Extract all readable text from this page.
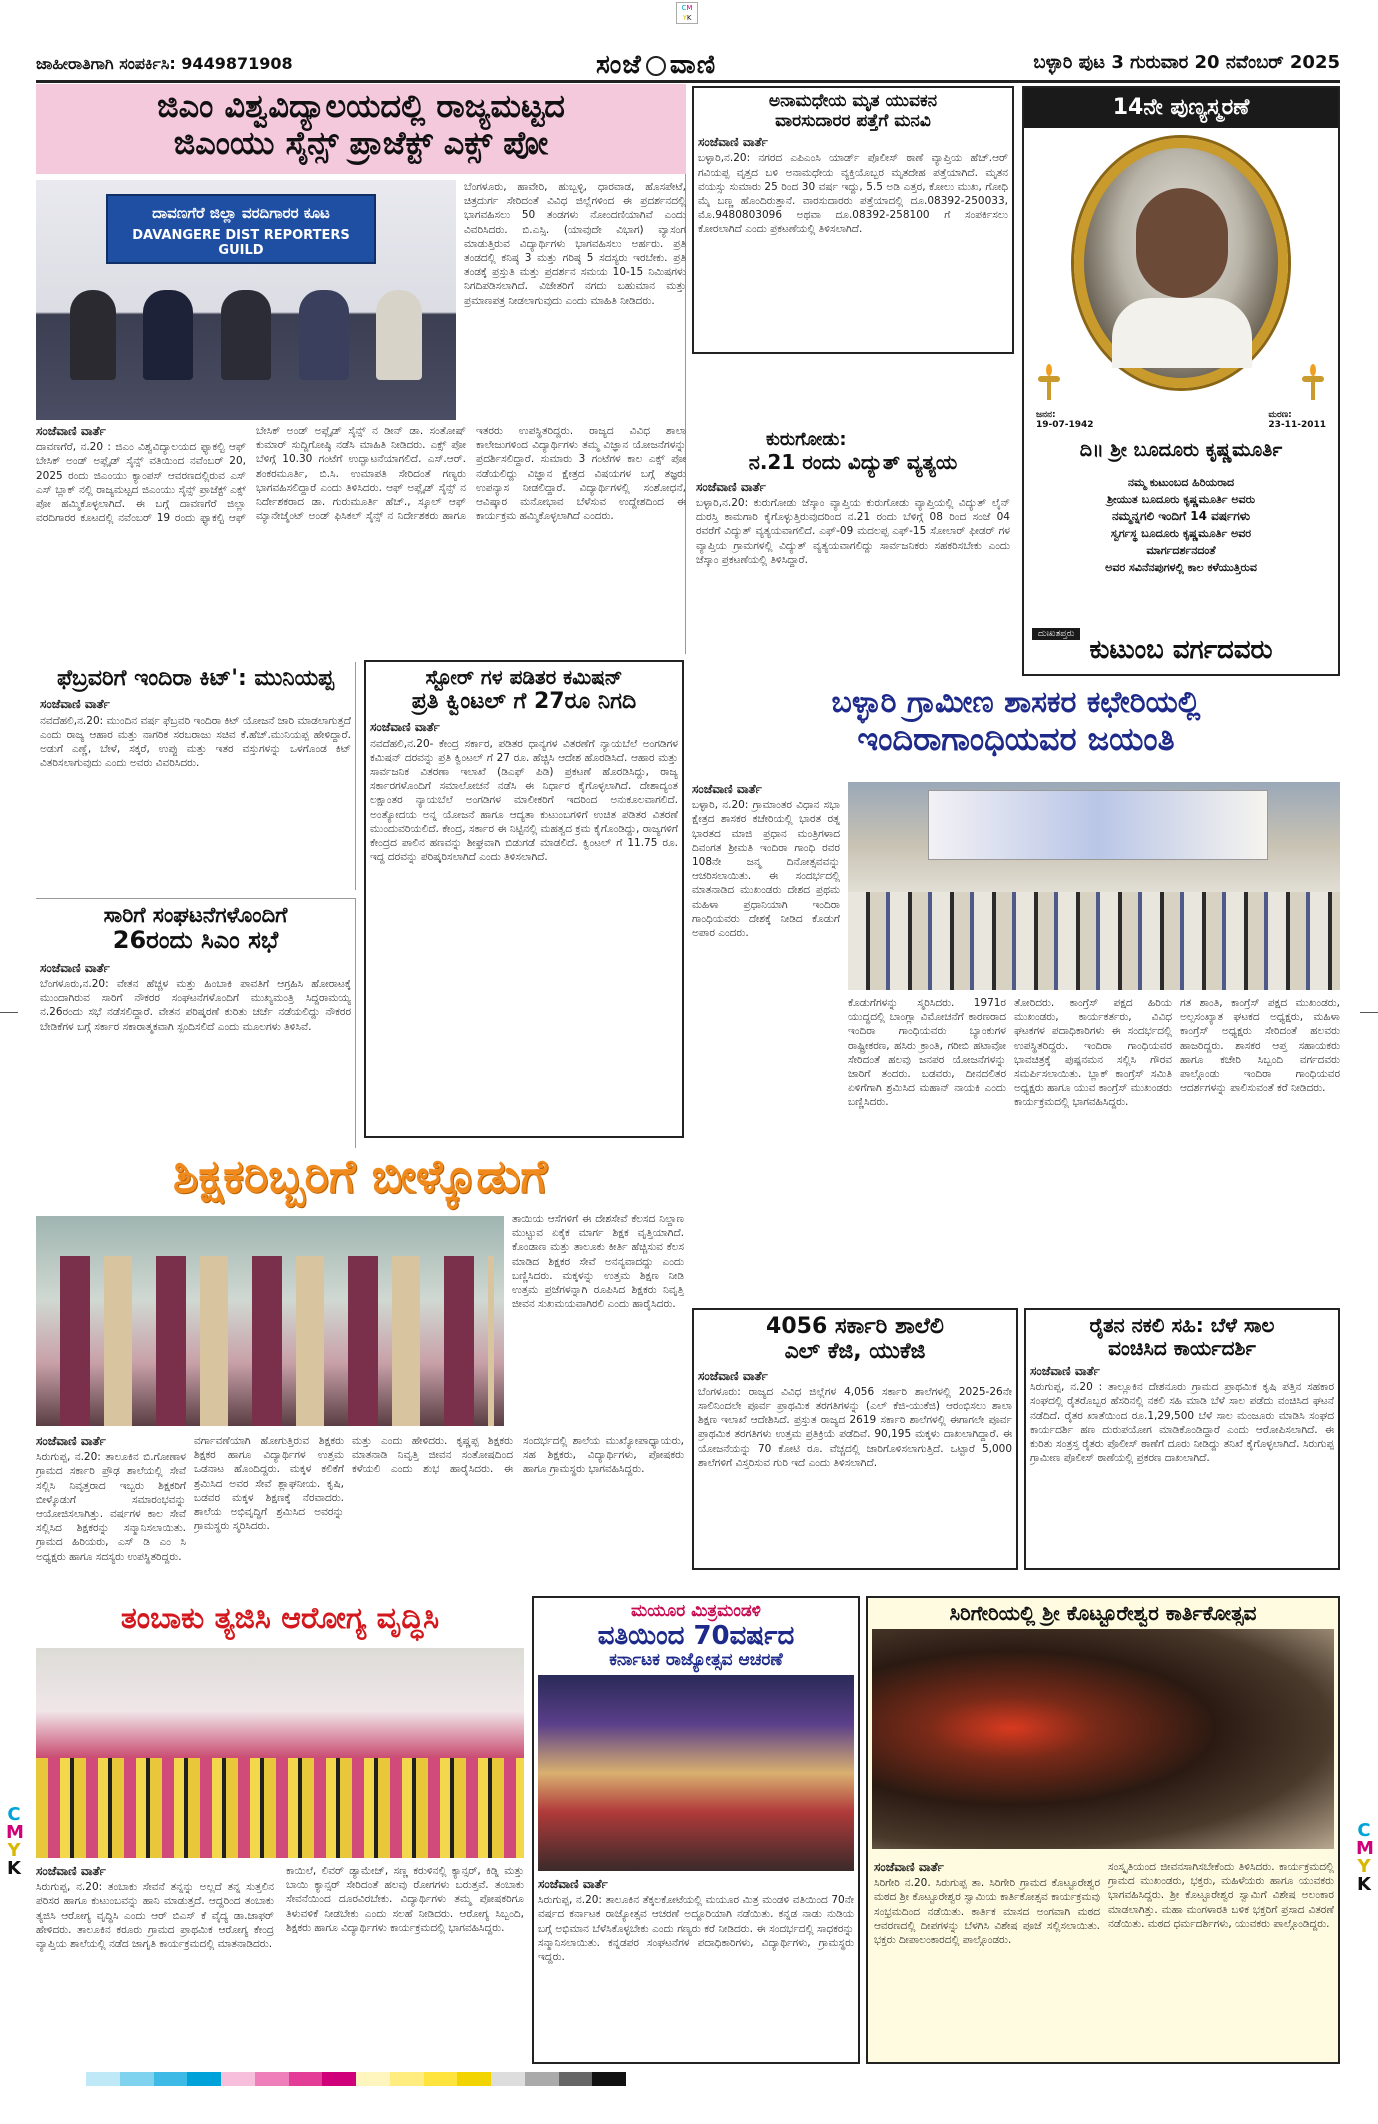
CM
YK
C
M
Y
K
C
M
Y
K
ಜಾಹೀರಾತಿಗಾಗಿ ಸಂಪರ್ಕಿಸಿ: 9449871908	ಸಂಜೆ ವಾಣಿ	ಬಳ್ಳಾರಿ ಪುಟ 3 ಗುರುವಾರ 20 ನವೆಂಬರ್ 2025
ಜಿಎಂ ವಿಶ್ವವಿದ್ಯಾಲಯದಲ್ಲಿ ರಾಜ್ಯಮಟ್ಟದ
ಜಿಎಂಯು ಸೈನ್ಸ್ ಪ್ರಾಜೆಕ್ಟ್ ಎಕ್ಸ್ ಪೋ
ದಾವಣಗೆರೆ ಜಿಲ್ಲಾ ವರದಿಗಾರರ ಕೂಟ
DAVANGERE DIST REPORTERS GUILD
ಬೆಂಗಳೂರು, ಹಾವೇರಿ, ಹುಬ್ಬಳ್ಳಿ, ಧಾರವಾಡ, ಹೊಸಪೇಟೆ, ಚಿತ್ರದುರ್ಗ ಸೇರಿದಂತೆ ವಿವಿಧ ಜಿಲ್ಲೆಗಳಿಂದ ಈ ಪ್ರದರ್ಶನದಲ್ಲಿ ಭಾಗವಹಿಸಲು 50 ತಂಡಗಳು ನೋಂದಣಿಯಾಗಿವೆ ಎಂದು ವಿವರಿಸಿದರು. ಬಿ.ಎಸ್ಸಿ. (ಯಾವುದೇ ವಿಭಾಗ) ವ್ಯಾಸಂಗ ಮಾಡುತ್ತಿರುವ ವಿದ್ಯಾರ್ಥಿಗಳು ಭಾಗವಹಿಸಲು ಅರ್ಹರು. ಪ್ರತಿ ತಂಡದಲ್ಲಿ ಕನಿಷ್ಠ 3 ಮತ್ತು ಗರಿಷ್ಠ 5 ಸದಸ್ಯರು ಇರಬೇಕು. ಪ್ರತಿ ತಂಡಕ್ಕೆ ಪ್ರಸ್ತುತಿ ಮತ್ತು ಪ್ರದರ್ಶನ ಸಮಯ 10-15 ನಿಮಿಷಗಳು ನಿಗದಿಪಡಿಸಲಾಗಿದೆ. ವಿಜೇತರಿಗೆ ನಗದು ಬಹುಮಾನ ಮತ್ತು ಪ್ರಮಾಣಪತ್ರ ನೀಡಲಾಗುವುದು ಎಂದು ಮಾಹಿತಿ ನೀಡಿದರು.
ಸಂಜೆವಾಣಿ ವಾರ್ತೆ
ದಾವಣಗೆರೆ, ನ.20 : ಜಿಎಂ ವಿಶ್ವವಿದ್ಯಾಲಯದ ಫ್ಯಾಕಲ್ಟಿ ಆಫ್ ಬೇಸಿಕ್ ಅಂಡ್ ಅಪ್ಲೈಡ್ ಸೈನ್ಸ್ ವತಿಯಿಂದ ನವೆಂಬರ್ 20, 2025 ರಂದು ಜಿಎಂಯು ಕ್ಯಾಂಪಸ್ ಆವರಣದಲ್ಲಿರುವ ಎಸ್ ಎಸ್ ಬ್ಲಾಕ್ ನಲ್ಲಿ ರಾಜ್ಯಮಟ್ಟದ ಜಿಎಂಯು ಸೈನ್ಸ್ ಪ್ರಾಜೆಕ್ಟ್ ಎಕ್ಸ್ ಪೋ ಹಮ್ಮಿಕೊಳ್ಳಲಾಗಿದೆ. ಈ ಬಗ್ಗೆ ದಾವಣಗೆರೆ ಜಿಲ್ಲಾ ವರದಿಗಾರರ ಕೂಟದಲ್ಲಿ ನವೆಂಬರ್ 19 ರಂದು ಫ್ಯಾಕಲ್ಟಿ ಆಫ್ ಬೇಸಿಕ್ ಅಂಡ್ ಅಪ್ಲೈಡ್ ಸೈನ್ಸ್ ನ ಡೀನ್ ಡಾ. ಸಂತೋಷ್ ಕುಮಾರ್ ಸುದ್ದಿಗೋಷ್ಠಿ ನಡೆಸಿ ಮಾಹಿತಿ ನೀಡಿದರು. ಎಕ್ಸ್ ಪೋ ಬೆಳಿಗ್ಗೆ 10.30 ಗಂಟೆಗೆ ಉದ್ಘಾಟನೆಯಾಗಲಿದೆ. ಎಸ್.ಆರ್. ಶಂಕರಮೂರ್ತಿ, ಬಿ.ಸಿ. ಉಮಾಪತಿ ಸೇರಿದಂತೆ ಗಣ್ಯರು ಭಾಗವಹಿಸಲಿದ್ದಾರೆ ಎಂದು ತಿಳಿಸಿದರು. ಆಫ್ ಅಪ್ಲೈಡ್ ಸೈನ್ಸ್ ನ ನಿರ್ದೇಶಕರಾದ ಡಾ. ಗುರುಮೂರ್ತಿ ಹೆಚ್., ಸ್ಕೂಲ್ ಆಫ್ ಮ್ಯಾನೇಜ್ಮೆಂಟ್ ಅಂಡ್ ಫಿಸಿಕಲ್ ಸೈನ್ಸ್ ನ ನಿರ್ದೇಶಕರು ಹಾಗೂ ಇತರರು ಉಪಸ್ಥಿತರಿದ್ದರು. ರಾಜ್ಯದ ವಿವಿಧ ಶಾಲಾ ಕಾಲೇಜುಗಳಿಂದ ವಿದ್ಯಾರ್ಥಿಗಳು ತಮ್ಮ ವಿಜ್ಞಾನ ಯೋಜನೆಗಳನ್ನು ಪ್ರದರ್ಶಿಸಲಿದ್ದಾರೆ. ಸುಮಾರು 3 ಗಂಟೆಗಳ ಕಾಲ ಎಕ್ಸ್ ಪೋ ನಡೆಯಲಿದ್ದು ವಿಜ್ಞಾನ ಕ್ಷೇತ್ರದ ವಿಷಯಗಳ ಬಗ್ಗೆ ತಜ್ಞರು ಉಪನ್ಯಾಸ ನೀಡಲಿದ್ದಾರೆ. ವಿದ್ಯಾರ್ಥಿಗಳಲ್ಲಿ ಸಂಶೋಧನೆ, ಆವಿಷ್ಕಾರ ಮನೋಭಾವ ಬೆಳೆಸುವ ಉದ್ದೇಶದಿಂದ ಈ ಕಾರ್ಯಕ್ರಮ ಹಮ್ಮಿಕೊಳ್ಳಲಾಗಿದೆ ಎಂದರು.
ಅನಾಮಧೇಯ ಮೃತ ಯುವಕನ
ವಾರಸುದಾರರ ಪತ್ತೆಗೆ ಮನವಿ
ಸಂಜೆವಾಣಿ ವಾರ್ತೆ
ಬಳ್ಳಾರಿ,ನ.20: ನಗರದ ಎಪಿಎಂಸಿ ಯಾರ್ಡ್ ಪೊಲೀಸ್ ಠಾಣೆ ವ್ಯಾಪ್ತಿಯ ಹೆಚ್.ಆರ್ ಗವಿಯಪ್ಪ ವೃತ್ತದ ಬಳಿ ಅನಾಮಧೇಯ ವ್ಯಕ್ತಿಯೊಬ್ಬರ ಮೃತದೇಹ ಪತ್ತೆಯಾಗಿದೆ. ಮೃತನ ವಯಸ್ಸು ಸುಮಾರು 25 ರಿಂದ 30 ವರ್ಷ ಇದ್ದು, 5.5 ಅಡಿ ಎತ್ತರ, ಕೋಲು ಮುಖ, ಗೋಧಿ ಮೈ ಬಣ್ಣ ಹೊಂದಿರುತ್ತಾನೆ. ವಾರಸುದಾರರು ಪತ್ತೆಯಾದಲ್ಲಿ ದೂ.08392-250033, ಮೊ.9480803096 ಅಥವಾ ದೂ.08392-258100 ಗೆ ಸಂಪರ್ಕಿಸಲು ಕೋರಲಾಗಿದೆ ಎಂದು ಪ್ರಕಟಣೆಯಲ್ಲಿ ತಿಳಿಸಲಾಗಿದೆ.
ಕುರುಗೋಡು:
ನ.21 ರಂದು ವಿದ್ಯುತ್ ವ್ಯತ್ಯಯ
ಸಂಜೆವಾಣಿ ವಾರ್ತೆ
ಬಳ್ಳಾರಿ,ನ.20: ಕುರುಗೋಡು ಜೆಸ್ಕಾಂ ವ್ಯಾಪ್ತಿಯ ಕುರುಗೋಡು ವ್ಯಾಪ್ತಿಯಲ್ಲಿ ವಿದ್ಯುತ್ ಲೈನ್ ದುರಸ್ತಿ ಕಾಮಗಾರಿ ಕೈಗೊಳ್ಳುತ್ತಿರುವುದರಿಂದ ನ.21 ರಂದು ಬೆಳಿಗ್ಗೆ 08 ರಿಂದ ಸಂಜೆ 04 ರವರೆಗೆ ವಿದ್ಯುತ್ ವ್ಯತ್ಯಯವಾಗಲಿದೆ. ಎಫ್-09 ಮದಲಪ್ಪ ಎಫ್-15 ಸೋಲಾರ್ ಫೀಡರ್ ಗಳ ವ್ಯಾಪ್ತಿಯ ಗ್ರಾಮಗಳಲ್ಲಿ ವಿದ್ಯುತ್ ವ್ಯತ್ಯಯವಾಗಲಿದ್ದು ಸಾರ್ವಜನಿಕರು ಸಹಕರಿಸಬೇಕು ಎಂದು ಜೆಸ್ಕಾಂ ಪ್ರಕಟಣೆಯಲ್ಲಿ ತಿಳಿಸಿದ್ದಾರೆ.
14ನೇ ಪುಣ್ಯಸ್ಮರಣೆ
ಜನನ:
19-07-1942
ಮರಣ:
23-11-2011
ದಿ॥ ಶ್ರೀ ಬೂದೂರು ಕೃಷ್ಣಮೂರ್ತಿ
ನಮ್ಮ ಕುಟುಂಬದ ಹಿರಿಯರಾದ
ಶ್ರೀಯುತ ಬೂದೂರು ಕೃಷ್ಣಮೂರ್ತಿ ಅವರು
ನಮ್ಮನ್ನಗಲಿ ಇಂದಿಗೆ 14 ವರ್ಷಗಳು
ಸ್ವರ್ಗಸ್ಥ ಬೂದೂರು ಕೃಷ್ಣಮೂರ್ತಿ ಅವರ
ಮಾರ್ಗದರ್ಶನದಂತೆ
ಅವರ ಸವಿನೆನಪುಗಳಲ್ಲಿ ಕಾಲ ಕಳೆಯುತ್ತಿರುವ
ದುಃಖತಪ್ತರು
ಕುಟುಂಬ ವರ್ಗದವರು
ಫೆಬ್ರವರಿಗೆ ಇಂದಿರಾ ಕಿಟ್': ಮುನಿಯಪ್ಪ
ಸಂಜೆವಾಣಿ ವಾರ್ತೆ
ನವದೆಹಲಿ,ನ.20: ಮುಂದಿನ ವರ್ಷ ಫೆಬ್ರವರಿ ಇಂದಿರಾ ಕಿಟ್ ಯೋಜನೆ ಜಾರಿ ಮಾಡಲಾಗುತ್ತದೆ ಎಂದು ರಾಜ್ಯ ಆಹಾರ ಮತ್ತು ನಾಗರಿಕ ಸರಬರಾಜು ಸಚಿವ ಕೆ.ಹೆಚ್.ಮುನಿಯಪ್ಪ ಹೇಳಿದ್ದಾರೆ. ಅಡುಗೆ ಎಣ್ಣೆ, ಬೇಳೆ, ಸಕ್ಕರೆ, ಉಪ್ಪು ಮತ್ತು ಇತರ ವಸ್ತುಗಳನ್ನು ಒಳಗೊಂಡ ಕಿಟ್ ವಿತರಿಸಲಾಗುವುದು ಎಂದು ಅವರು ವಿವರಿಸಿದರು.
ಸಾರಿಗೆ ಸಂಘಟನೆಗಳೊಂದಿಗೆ
26ರಂದು ಸಿಎಂ ಸಭೆ
ಸಂಜೆವಾಣಿ ವಾರ್ತೆ
ಬೆಂಗಳೂರು,ನ.20: ವೇತನ ಹೆಚ್ಚಳ ಮತ್ತು ಹಿಂಬಾಕಿ ಪಾವತಿಗೆ ಆಗ್ರಹಿಸಿ ಹೋರಾಟಕ್ಕೆ ಮುಂದಾಗಿರುವ ಸಾರಿಗೆ ನೌಕರರ ಸಂಘಟನೆಗಳೊಂದಿಗೆ ಮುಖ್ಯಮಂತ್ರಿ ಸಿದ್ದರಾಮಯ್ಯ ನ.26ರಂದು ಸಭೆ ನಡೆಸಲಿದ್ದಾರೆ. ವೇತನ ಪರಿಷ್ಕರಣೆ ಕುರಿತು ಚರ್ಚೆ ನಡೆಯಲಿದ್ದು ನೌಕರರ ಬೇಡಿಕೆಗಳ ಬಗ್ಗೆ ಸರ್ಕಾರ ಸಕಾರಾತ್ಮಕವಾಗಿ ಸ್ಪಂದಿಸಲಿದೆ ಎಂದು ಮೂಲಗಳು ತಿಳಿಸಿವೆ.
ಸ್ಟೋರ್ ಗಳ ಪಡಿತರ ಕಮಿಷನ್
ಪ್ರತಿ ಕ್ವಿಂಟಲ್ ಗೆ 27ರೂ ನಿಗದಿ
ಸಂಜೆವಾಣಿ ವಾರ್ತೆ
ನವದೆಹಲಿ,ನ.20- ಕೇಂದ್ರ ಸರ್ಕಾರ, ಪಡಿತರ ಧಾನ್ಯಗಳ ವಿತರಣೆಗೆ ನ್ಯಾಯಬೆಲೆ ಅಂಗಡಿಗಳ ಕಮಿಷನ್ ದರವನ್ನು ಪ್ರತಿ ಕ್ವಿಂಟಲ್ ಗೆ 27 ರೂ. ಹೆಚ್ಚಿಸಿ ಆದೇಶ ಹೊರಡಿಸಿದೆ. ಆಹಾರ ಮತ್ತು ಸಾರ್ವಜನಿಕ ವಿತರಣಾ ಇಲಾಖೆ (ಡಿಎಫ್ ಪಿಡಿ) ಪ್ರಕಟಣೆ ಹೊರಡಿಸಿದ್ದು, ರಾಜ್ಯ ಸರ್ಕಾರಗಳೊಂದಿಗೆ ಸಮಾಲೋಚನೆ ನಡೆಸಿ ಈ ನಿರ್ಧಾರ ಕೈಗೊಳ್ಳಲಾಗಿದೆ. ದೇಶಾದ್ಯಂತ ಲಕ್ಷಾಂತರ ನ್ಯಾಯಬೆಲೆ ಅಂಗಡಿಗಳ ಮಾಲೀಕರಿಗೆ ಇದರಿಂದ ಅನುಕೂಲವಾಗಲಿದೆ. ಅಂತ್ಯೋದಯ ಅನ್ನ ಯೋಜನೆ ಹಾಗೂ ಆದ್ಯತಾ ಕುಟುಂಬಗಳಿಗೆ ಉಚಿತ ಪಡಿತರ ವಿತರಣೆ ಮುಂದುವರಿಯಲಿದೆ. ಕೇಂದ್ರ, ಸರ್ಕಾರ ಈ ನಿಟ್ಟಿನಲ್ಲಿ ಮಹತ್ವದ ಕ್ರಮ ಕೈಗೊಂಡಿದ್ದು, ರಾಜ್ಯಗಳಿಗೆ ಕೇಂದ್ರದ ಪಾಲಿನ ಹಣವನ್ನು ಶೀಘ್ರವಾಗಿ ಬಿಡುಗಡೆ ಮಾಡಲಿದೆ. ಕ್ವಿಂಟಲ್ ಗೆ 11.75 ರೂ. ಇದ್ದ ದರವನ್ನು ಪರಿಷ್ಕರಿಸಲಾಗಿದೆ ಎಂದು ತಿಳಿಸಲಾಗಿದೆ.
ಬಳ್ಳಾರಿ ಗ್ರಾಮೀಣ ಶಾಸಕರ ಕಛೇರಿಯಲ್ಲಿ
ಇಂದಿರಾಗಾಂಧಿಯವರ ಜಯಂತಿ
ಸಂಜೆವಾಣಿ ವಾರ್ತೆ
ಬಳ್ಳಾರಿ, ನ.20: ಗ್ರಾಮಾಂತರ ವಿಧಾನ ಸಭಾ ಕ್ಷೇತ್ರದ ಶಾಸಕರ ಕಚೇರಿಯಲ್ಲಿ ಭಾರತ ರತ್ನ ಭಾರತದ ಮಾಜಿ ಪ್ರಧಾನ ಮಂತ್ರಿಗಳಾದ ದಿವಂಗತ ಶ್ರೀಮತಿ ಇಂದಿರಾ ಗಾಂಧಿ ರವರ 108ನೇ ಜನ್ಮ ದಿನೋತ್ಸವವನ್ನು ಆಚರಿಸಲಾಯಿತು. ಈ ಸಂದರ್ಭದಲ್ಲಿ ಮಾತನಾಡಿದ ಮುಖಂಡರು ದೇಶದ ಪ್ರಥಮ ಮಹಿಳಾ ಪ್ರಧಾನಿಯಾಗಿ ಇಂದಿರಾ ಗಾಂಧಿಯವರು ದೇಶಕ್ಕೆ ನೀಡಿದ ಕೊಡುಗೆ ಅಪಾರ ಎಂದರು.
ಕೊಡುಗೆಗಳನ್ನು ಸ್ಮರಿಸಿದರು. 1971ರ ಯುದ್ಧದಲ್ಲಿ ಬಾಂಗ್ಲಾ ವಿಮೋಚನೆಗೆ ಕಾರಣರಾದ ಇಂದಿರಾ ಗಾಂಧಿಯವರು ಬ್ಯಾಂಕುಗಳ ರಾಷ್ಟ್ರೀಕರಣ, ಹಸಿರು ಕ್ರಾಂತಿ, ಗರೀಬಿ ಹಟಾವೋ ಸೇರಿದಂತೆ ಹಲವು ಜನಪರ ಯೋಜನೆಗಳನ್ನು ಜಾರಿಗೆ ತಂದರು. ಬಡವರು, ದೀನದಲಿತರ ಏಳಿಗೆಗಾಗಿ ಶ್ರಮಿಸಿದ ಮಹಾನ್ ನಾಯಕಿ ಎಂದು ಬಣ್ಣಿಸಿದರು.
ತೋರಿದರು. ಕಾಂಗ್ರೆಸ್ ಪಕ್ಷದ ಹಿರಿಯ ಮುಖಂಡರು, ಕಾರ್ಯಕರ್ತರು, ವಿವಿಧ ಘಟಕಗಳ ಪದಾಧಿಕಾರಿಗಳು ಈ ಸಂದರ್ಭದಲ್ಲಿ ಉಪಸ್ಥಿತರಿದ್ದರು. ಇಂದಿರಾ ಗಾಂಧಿಯವರ ಭಾವಚಿತ್ರಕ್ಕೆ ಪುಷ್ಪನಮನ ಸಲ್ಲಿಸಿ ಗೌರವ ಸಮರ್ಪಿಸಲಾಯಿತು. ಬ್ಲಾಕ್ ಕಾಂಗ್ರೆಸ್ ಸಮಿತಿ ಅಧ್ಯಕ್ಷರು ಹಾಗೂ ಯುವ ಕಾಂಗ್ರೆಸ್ ಮುಖಂಡರು ಕಾರ್ಯಕ್ರಮದಲ್ಲಿ ಭಾಗವಹಿಸಿದ್ದರು.
ಗತ ಶಾಂತಿ, ಕಾಂಗ್ರೆಸ್ ಪಕ್ಷದ ಮುಖಂಡರು, ಅಲ್ಪಸಂಖ್ಯಾತ ಘಟಕದ ಅಧ್ಯಕ್ಷರು, ಮಹಿಳಾ ಕಾಂಗ್ರೆಸ್ ಅಧ್ಯಕ್ಷರು ಸೇರಿದಂತೆ ಹಲವರು ಹಾಜರಿದ್ದರು. ಶಾಸಕರ ಆಪ್ತ ಸಹಾಯಕರು ಹಾಗೂ ಕಚೇರಿ ಸಿಬ್ಬಂದಿ ವರ್ಗದವರು ಪಾಲ್ಗೊಂಡು ಇಂದಿರಾ ಗಾಂಧಿಯವರ ಆದರ್ಶಗಳನ್ನು ಪಾಲಿಸುವಂತೆ ಕರೆ ನೀಡಿದರು.
ಶಿಕ್ಷಕರಿಬ್ಬರಿಗೆ ಬೀಳ್ಕೊಡುಗೆ
ತಾಯಿಯ ಆಸೆಗಳಿಗೆ ಈ ದೇಶಸೇವೆ ಕೆಲಸದ ನಿಲ್ದಾಣ ಮುಟ್ಟುವ ಏಕೈಕ ಮಾರ್ಗ ಶಿಕ್ಷಕ ವೃತ್ತಿಯಾಗಿದೆ. ಕೊಂಡಾಣ ಮತ್ತು ತಾಲೂಕು ಕೀರ್ತಿ ಹೆಚ್ಚಿಸುವ ಕೆಲಸ ಮಾಡಿದ ಶಿಕ್ಷಕರ ಸೇವೆ ಅನನ್ಯವಾದದ್ದು ಎಂದು ಬಣ್ಣಿಸಿದರು. ಮಕ್ಕಳನ್ನು ಉತ್ತಮ ಶಿಕ್ಷಣ ನೀಡಿ ಉತ್ತಮ ಪ್ರಜೆಗಳನ್ನಾಗಿ ರೂಪಿಸಿದ ಶಿಕ್ಷಕರು ನಿವೃತ್ತಿ ಜೀವನ ಸುಖಮಯವಾಗಿರಲಿ ಎಂದು ಹಾರೈಸಿದರು.
ಸಂಜೆವಾಣಿ ವಾರ್ತೆ
ಸಿರುಗುಪ್ಪ, ನ.20: ತಾಲೂಕಿನ ಬಿ.ಗೋಣಾಳ ಗ್ರಾಮದ ಸರ್ಕಾರಿ ಪ್ರೌಢ ಶಾಲೆಯಲ್ಲಿ ಸೇವೆ ಸಲ್ಲಿಸಿ ನಿವೃತ್ತರಾದ ಇಬ್ಬರು ಶಿಕ್ಷಕರಿಗೆ ಬೀಳ್ಕೊಡುಗೆ ಸಮಾರಂಭವನ್ನು ಆಯೋಜಿಸಲಾಗಿತ್ತು. ವರ್ಷಗಳ ಕಾಲ ಸೇವೆ ಸಲ್ಲಿಸಿದ ಶಿಕ್ಷಕರನ್ನು ಸನ್ಮಾನಿಸಲಾಯಿತು. ಗ್ರಾಮದ ಹಿರಿಯರು, ಎಸ್ ಡಿ ಎಂ ಸಿ ಅಧ್ಯಕ್ಷರು ಹಾಗೂ ಸದಸ್ಯರು ಉಪಸ್ಥಿತರಿದ್ದರು.
ವರ್ಗಾವಣೆಯಾಗಿ ಹೋಗುತ್ತಿರುವ ಶಿಕ್ಷಕರು ಶಿಕ್ಷಕರ ಹಾಗೂ ವಿದ್ಯಾರ್ಥಿಗಳ ಉತ್ತಮ ಒಡನಾಟ ಹೊಂದಿದ್ದರು. ಮಕ್ಕಳ ಕಲಿಕೆಗೆ ಶ್ರಮಿಸಿದ ಅವರ ಸೇವೆ ಶ್ಲಾಘನೀಯ. ಕೃಷಿ, ಬಡವರ ಮಕ್ಕಳ ಶಿಕ್ಷಣಕ್ಕೆ ನೆರವಾದರು. ಶಾಲೆಯ ಅಭಿವೃದ್ಧಿಗೆ ಶ್ರಮಿಸಿದ ಅವರನ್ನು ಗ್ರಾಮಸ್ಥರು ಸ್ಮರಿಸಿದರು.
ಮತ್ತು ಎಂದು ಹೇಳಿದರು. ಕೃಷ್ಣಪ್ಪ ಶಿಕ್ಷಕರು ಮಾತನಾಡಿ ನಿವೃತ್ತಿ ಜೀವನ ಸಂತೋಷದಿಂದ ಕಳೆಯಲಿ ಎಂದು ಶುಭ ಹಾರೈಸಿದರು. ಈ ಸಂದರ್ಭದಲ್ಲಿ ಶಾಲೆಯ ಮುಖ್ಯೋಪಾಧ್ಯಾಯರು, ಸಹ ಶಿಕ್ಷಕರು, ವಿದ್ಯಾರ್ಥಿಗಳು, ಪೋಷಕರು ಹಾಗೂ ಗ್ರಾಮಸ್ಥರು ಭಾಗವಹಿಸಿದ್ದರು.
4056 ಸರ್ಕಾರಿ ಶಾಲೆಲಿ
ಎಲ್ ಕೆಜಿ, ಯುಕೆಜಿ
ಸಂಜೆವಾಣಿ ವಾರ್ತೆ
ಬೆಂಗಳೂರು: ರಾಜ್ಯದ ವಿವಿಧ ಜಿಲ್ಲೆಗಳ 4,056 ಸರ್ಕಾರಿ ಶಾಲೆಗಳಲ್ಲಿ 2025-26ನೇ ಸಾಲಿನಿಂದಲೇ ಪೂರ್ವ ಪ್ರಾಥಮಿಕ ತರಗತಿಗಳನ್ನು (ಎಲ್ ಕೆಜಿ-ಯುಕೆಜಿ) ಆರಂಭಿಸಲು ಶಾಲಾ ಶಿಕ್ಷಣ ಇಲಾಖೆ ಆದೇಶಿಸಿದೆ. ಪ್ರಸ್ತುತ ರಾಜ್ಯದ 2619 ಸರ್ಕಾರಿ ಶಾಲೆಗಳಲ್ಲಿ ಈಗಾಗಲೇ ಪೂರ್ವ ಪ್ರಾಥಮಿಕ ತರಗತಿಗಳು ಉತ್ತಮ ಪ್ರತಿಕ್ರಿಯೆ ಪಡೆದಿವೆ. 90,195 ಮಕ್ಕಳು ದಾಖಲಾಗಿದ್ದಾರೆ. ಈ ಯೋಜನೆಯನ್ನು 70 ಕೋಟಿ ರೂ. ವೆಚ್ಚದಲ್ಲಿ ಜಾರಿಗೊಳಿಸಲಾಗುತ್ತಿದೆ. ಒಟ್ಟಾರೆ 5,000 ಶಾಲೆಗಳಿಗೆ ವಿಸ್ತರಿಸುವ ಗುರಿ ಇದೆ ಎಂದು ತಿಳಿಸಲಾಗಿದೆ.
ರೈತನ ನಕಲಿ ಸಹಿ: ಬೆಳೆ ಸಾಲ
ವಂಚಿಸಿದ ಕಾರ್ಯದರ್ಶಿ
ಸಂಜೆವಾಣಿ ವಾರ್ತೆ
ಸಿರುಗುಪ್ಪ, ನ.20 : ತಾಲ್ಲೂಕಿನ ದೇಶನೂರು ಗ್ರಾಮದ ಪ್ರಾಥಮಿಕ ಕೃಷಿ ಪತ್ತಿನ ಸಹಕಾರ ಸಂಘದಲ್ಲಿ ರೈತರೊಬ್ಬರ ಹೆಸರಿನಲ್ಲಿ ನಕಲಿ ಸಹಿ ಮಾಡಿ ಬೆಳೆ ಸಾಲ ಪಡೆದು ವಂಚಿಸಿದ ಘಟನೆ ನಡೆದಿದೆ. ರೈತರ ಖಾತೆಯಿಂದ ರೂ.1,29,500 ಬೆಳೆ ಸಾಲ ಮಂಜೂರು ಮಾಡಿಸಿ ಸಂಘದ ಕಾರ್ಯದರ್ಶಿ ಹಣ ದುರುಪಯೋಗ ಮಾಡಿಕೊಂಡಿದ್ದಾರೆ ಎಂದು ಆರೋಪಿಸಲಾಗಿದೆ. ಈ ಕುರಿತು ಸಂತ್ರಸ್ತ ರೈತರು ಪೊಲೀಸ್ ಠಾಣೆಗೆ ದೂರು ನೀಡಿದ್ದು ತನಿಖೆ ಕೈಗೊಳ್ಳಲಾಗಿದೆ. ಸಿರುಗುಪ್ಪ ಗ್ರಾಮೀಣ ಪೊಲೀಸ್ ಠಾಣೆಯಲ್ಲಿ ಪ್ರಕರಣ ದಾಖಲಾಗಿದೆ.
ತಂಬಾಕು ತ್ಯಜಿಸಿ ಆರೋಗ್ಯ ವೃದ್ಧಿಸಿ
ಸಂಜೆವಾಣಿ ವಾರ್ತೆ
ಸಿರುಗುಪ್ಪ, ನ.20: ತಂಬಾಕು ಸೇವನೆ ತನ್ನನ್ನು ಅಲ್ಲದೆ ತನ್ನ ಸುತ್ತಲಿನ ಪರಿಸರ ಹಾಗೂ ಕುಟುಂಬವನ್ನು ಹಾನಿ ಮಾಡುತ್ತದೆ. ಆದ್ದರಿಂದ ತಂಬಾಕು ತ್ಯಜಿಸಿ ಆರೋಗ್ಯ ವೃದ್ಧಿಸಿ ಎಂದು ಆರ್ ಬಿಎಸ್ ಕೆ ವೈದ್ಯ ಡಾ.ಜಾಫರ್ ಹೇಳಿದರು. ತಾಲೂಕಿನ ಕರೂರು ಗ್ರಾಮದ ಪ್ರಾಥಮಿಕ ಆರೋಗ್ಯ ಕೇಂದ್ರ ವ್ಯಾಪ್ತಿಯ ಶಾಲೆಯಲ್ಲಿ ನಡೆದ ಜಾಗೃತಿ ಕಾರ್ಯಕ್ರಮದಲ್ಲಿ ಮಾತನಾಡಿದರು.
ಕಾಯಿಲೆ, ಲಿವರ್ ಡ್ಯಾಮೇಜ್, ಸಣ್ಣ ಕರುಳಿನಲ್ಲಿ ಕ್ಯಾನ್ಸರ್, ಕಿಡ್ನಿ ಮತ್ತು ಬಾಯಿ ಕ್ಯಾನ್ಸರ್ ಸೇರಿದಂತೆ ಹಲವು ರೋಗಗಳು ಬರುತ್ತವೆ. ತಂಬಾಕು ಸೇವನೆಯಿಂದ ದೂರವಿರಬೇಕು. ವಿದ್ಯಾರ್ಥಿಗಳು ತಮ್ಮ ಪೋಷಕರಿಗೂ ತಿಳುವಳಿಕೆ ನೀಡಬೇಕು ಎಂದು ಸಲಹೆ ನೀಡಿದರು. ಆರೋಗ್ಯ ಸಿಬ್ಬಂದಿ, ಶಿಕ್ಷಕರು ಹಾಗೂ ವಿದ್ಯಾರ್ಥಿಗಳು ಕಾರ್ಯಕ್ರಮದಲ್ಲಿ ಭಾಗವಹಿಸಿದ್ದರು.
ಮಯೂರ ಮಿತ್ರಮಂಡಳಿ
ವತಿಯಿಂದ 70ವರ್ಷದ
ಕರ್ನಾಟಕ ರಾಜ್ಯೋತ್ಸವ ಆಚರಣೆ
ಸಂಜೆವಾಣಿ ವಾರ್ತೆ
ಸಿರುಗುಪ್ಪ, ನ.20: ತಾಲೂಕಿನ ತೆಕ್ಕಲಕೋಟೆಯಲ್ಲಿ ಮಯೂರ ಮಿತ್ರ ಮಂಡಳಿ ವತಿಯಿಂದ 70ನೇ ವರ್ಷದ ಕರ್ನಾಟಕ ರಾಜ್ಯೋತ್ಸವ ಆಚರಣೆ ಅದ್ದೂರಿಯಾಗಿ ನಡೆಯಿತು. ಕನ್ನಡ ನಾಡು ನುಡಿಯ ಬಗ್ಗೆ ಅಭಿಮಾನ ಬೆಳೆಸಿಕೊಳ್ಳಬೇಕು ಎಂದು ಗಣ್ಯರು ಕರೆ ನೀಡಿದರು. ಈ ಸಂದರ್ಭದಲ್ಲಿ ಸಾಧಕರನ್ನು ಸನ್ಮಾನಿಸಲಾಯಿತು. ಕನ್ನಡಪರ ಸಂಘಟನೆಗಳ ಪದಾಧಿಕಾರಿಗಳು, ವಿದ್ಯಾರ್ಥಿಗಳು, ಗ್ರಾಮಸ್ಥರು ಇದ್ದರು.
ಸಿರಿಗೇರಿಯಲ್ಲಿ ಶ್ರೀ ಕೊಟ್ಟೂರೇಶ್ವರ ಕಾರ್ತಿಕೋತ್ಸವ
ಸಂಜೆವಾಣಿ ವಾರ್ತೆ
ಸಿರಿಗೇರಿ ನ.20. ಸಿರುಗುಪ್ಪ ತಾ. ಸಿರಿಗೇರಿ ಗ್ರಾಮದ ಕೊಟ್ಟೂರೇಶ್ವರ ಮಠದ ಶ್ರೀ ಕೊಟ್ಟೂರೇಶ್ವರ ಸ್ವಾಮಿಯ ಕಾರ್ತಿಕೋತ್ಸವ ಕಾರ್ಯಕ್ರಮವು ಸಂಭ್ರಮದಿಂದ ನಡೆಯಿತು. ಕಾರ್ತಿಕ ಮಾಸದ ಅಂಗವಾಗಿ ಮಠದ ಆವರಣದಲ್ಲಿ ದೀಪಗಳನ್ನು ಬೆಳಗಿಸಿ ವಿಶೇಷ ಪೂಜೆ ಸಲ್ಲಿಸಲಾಯಿತು. ಭಕ್ತರು ದೀಪಾಲಂಕಾರದಲ್ಲಿ ಪಾಲ್ಗೊಂಡರು.
ಸಂಸ್ಕೃತಿಯಂದ ಜೀವನಸಾಗಿಸಬೇಕೆಂದು ತಿಳಿಸಿದರು. ಕಾರ್ಯಕ್ರಮದಲ್ಲಿ ಗ್ರಾಮದ ಮುಖಂಡರು, ಭಕ್ತರು, ಮಹಿಳೆಯರು ಹಾಗೂ ಯುವಕರು ಭಾಗವಹಿಸಿದ್ದರು. ಶ್ರೀ ಕೊಟ್ಟೂರೇಶ್ವರ ಸ್ವಾಮಿಗೆ ವಿಶೇಷ ಅಲಂಕಾರ ಮಾಡಲಾಗಿತ್ತು. ಮಹಾ ಮಂಗಳಾರತಿ ಬಳಿಕ ಭಕ್ತರಿಗೆ ಪ್ರಸಾದ ವಿತರಣೆ ನಡೆಯಿತು. ಮಠದ ಧರ್ಮದರ್ಶಿಗಳು, ಯುವಕರು ಪಾಲ್ಗೊಂಡಿದ್ದರು.
